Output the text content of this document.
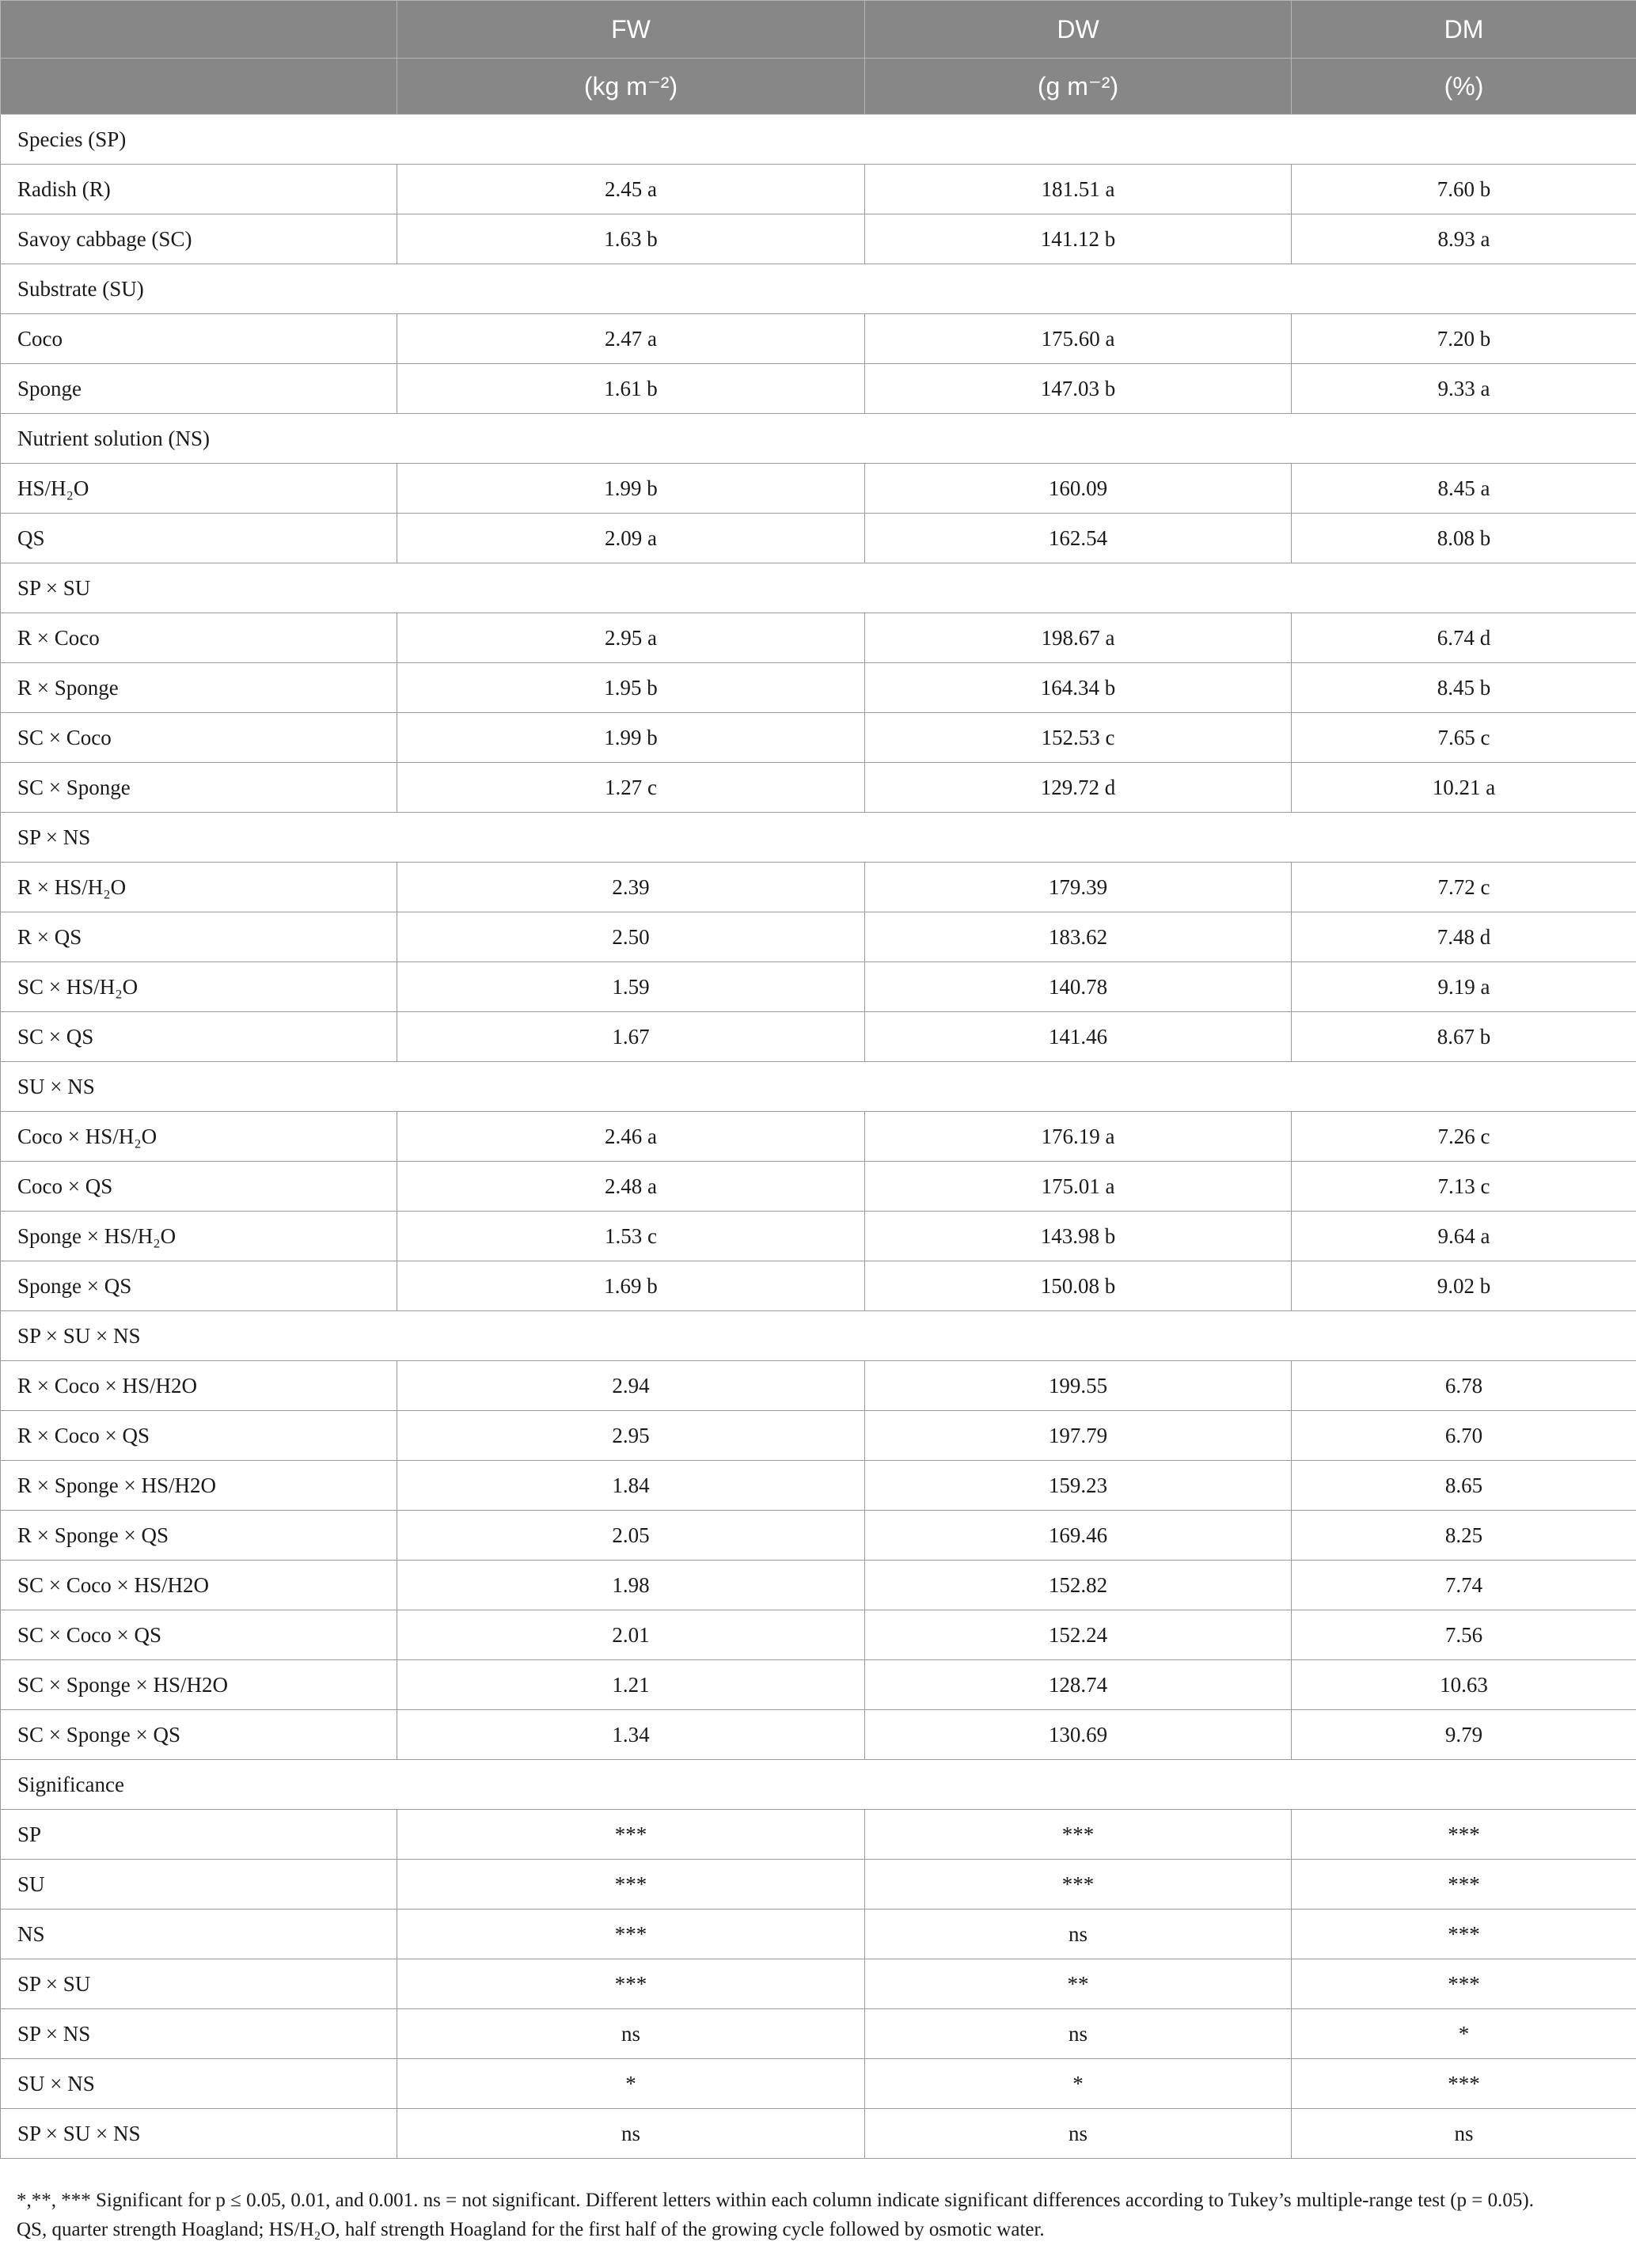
	FW	DW	DM
	(kg m⁻²)	(g m⁻²)	(%)
Species (SP)			
Radish (R)	2.45 a	181.51 a	7.60 b
Savoy cabbage (SC)	1.63 b	141.12 b	8.93 a
Substrate (SU)			
Coco	2.47 a	175.60 a	7.20 b
Sponge	1.61 b	147.03 b	9.33 a
Nutrient solution (NS)			
HS/H₂O	1.99 b	160.09	8.45 a
QS	2.09 a	162.54	8.08 b
SP × SU			
R × Coco	2.95 a	198.67 a	6.74 d
R × Sponge	1.95 b	164.34 b	8.45 b
SC × Coco	1.99 b	152.53 c	7.65 c
SC × Sponge	1.27 c	129.72 d	10.21 a
SP × NS			
R × HS/H₂O	2.39	179.39	7.72 c
R × QS	2.50	183.62	7.48 d
SC × HS/H₂O	1.59	140.78	9.19 a
SC × QS	1.67	141.46	8.67 b
SU × NS			
Coco × HS/H₂O	2.46 a	176.19 a	7.26 c
Coco × QS	2.48 a	175.01 a	7.13 c
Sponge × HS/H₂O	1.53 c	143.98 b	9.64 a
Sponge × QS	1.69 b	150.08 b	9.02 b
SP × SU × NS			
R × Coco × HS/H2O	2.94	199.55	6.78
R × Coco × QS	2.95	197.79	6.70
R × Sponge × HS/H2O	1.84	159.23	8.65
R × Sponge × QS	2.05	169.46	8.25
SC × Coco × HS/H2O	1.98	152.82	7.74
SC × Coco × QS	2.01	152.24	7.56
SC × Sponge × HS/H2O	1.21	128.74	10.63
SC × Sponge × QS	1.34	130.69	9.79
Significance			
SP	***	***	***
SU	***	***	***
NS	***	ns	***
SP × SU	***	**	***
SP × NS	ns	ns	*
SU × NS	*	*	***
SP × SU × NS	ns	ns	ns

*,**, *** Significant for p ≤ 0.05, 0.01, and 0.001. ns = not significant. Different letters within each column indicate significant differences according to Tukey’s multiple-range test (p = 0.05).

QS, quarter strength Hoagland; HS/H₂O, half strength Hoagland for the first half of the growing cycle followed by osmotic water.
